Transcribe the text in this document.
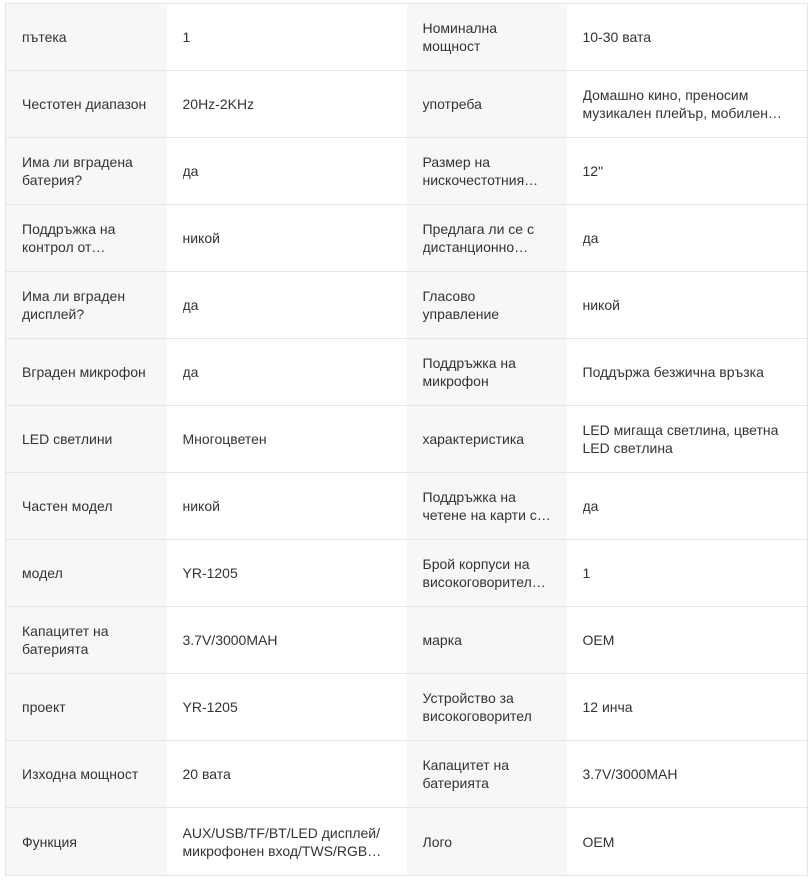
пътека	1	Номинална мощност	10-30 вата

Честотен диапазон	20Hz-2KHz	употреба	Домашно кино, преносим музикален плейър, мобилен…

Има ли вградена батерия?	да	Размер на нискочестотния…	12"

Поддръжка на контрол от…	никой	Предлага ли се с дистанционно…	да

Има ли вграден дисплей?	да	Гласово управление	никой

Вграден микрофон	да	Поддръжка на микрофон	Поддържа безжична връзка

LED светлини	Многоцветен	характеристика	LED мигаща светлина, цветна LED светлина

Частен модел	никой	Поддръжка на четене на карти с…	да

модел	YR-1205	Брой корпуси на високоговорител…	1

Капацитет на батерията	3.7V/3000MAH	марка	OEM

проект	YR-1205	Устройство за високоговорител	12 инча

Изходна мощност	20 вата	Капацитет на батерията	3.7V/3000MAH

Функция	AUX/USB/TF/BT/LED дисплей/микрофонен вход/TWS/RGB…	Лого	OEM
